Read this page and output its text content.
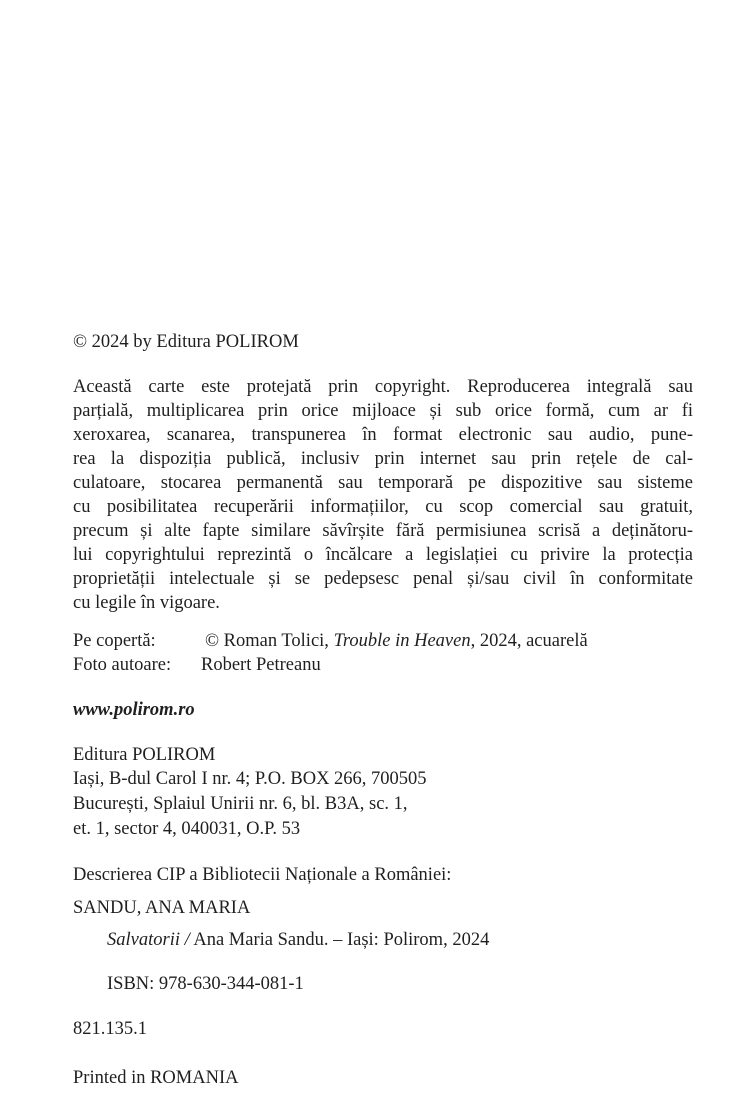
© 2024 by Editura POLIROM
Această carte este protejată prin copyright. Reproducerea integrală sau
parțială, multiplicarea prin orice mijloace și sub orice formă, cum ar fi
xeroxarea, scanarea, transpunerea în format electronic sau audio, pune-
rea la dispoziția publică, inclusiv prin internet sau prin rețele de cal-
culatoare, stocarea permanentă sau temporară pe dispozitive sau sisteme
cu posibilitatea recuperării informațiilor, cu scop comercial sau gratuit,
precum și alte fapte similare săvîrșite fără permisiunea scrisă a deținătoru-
lui copyrightului reprezintă o încălcare a legislației cu privire la protecția
proprietății intelectuale și se pedepsesc penal și/sau civil în conformitate
cu legile în vigoare.
Pe copertă:	© Roman Tolici, Trouble in Heaven, 2024, acuarelă
Foto autoare: Robert Petreanu
www.polirom.ro
Editura POLIROM
Iași, B-dul Carol I nr. 4; P.O. BOX 266, 700505
București, Splaiul Unirii nr. 6, bl. B3A, sc. 1,
et. 1, sector 4, 040031, O.P. 53
Descrierea CIP a Bibliotecii Naționale a României:
SANDU, ANA MARIA
Salvatorii / Ana Maria Sandu. – Iași: Polirom, 2024
ISBN: 978-630-344-081-1
821.135.1
Printed in ROMANIA
